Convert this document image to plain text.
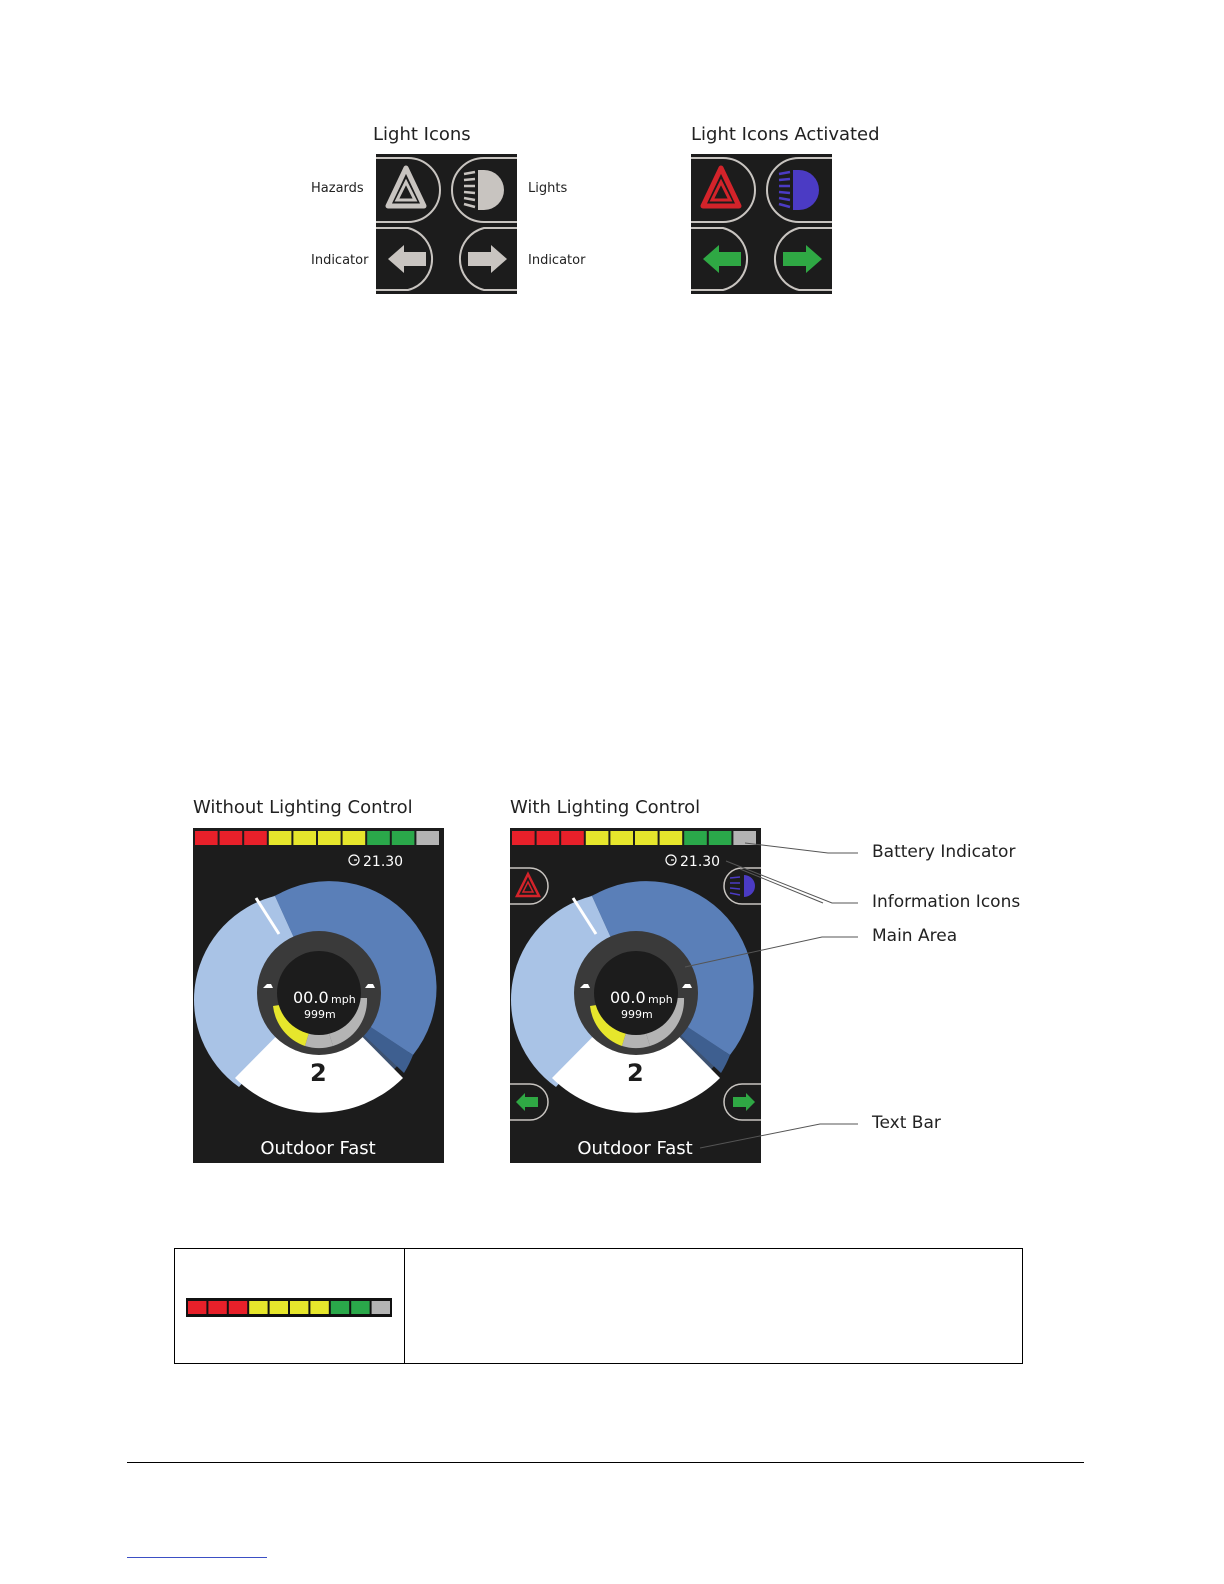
Light Icons
Hazards	Lights
Indicator	Indicator
Light Icons Activated
Without Lighting Control	With Lighting Control
21.30
00.0 mph
999m
2
Outdoor Fast
21.30
00.0 mph
999m
2
Outdoor Fast
Battery Indicator
Information Icons
Main Area
Text Bar
